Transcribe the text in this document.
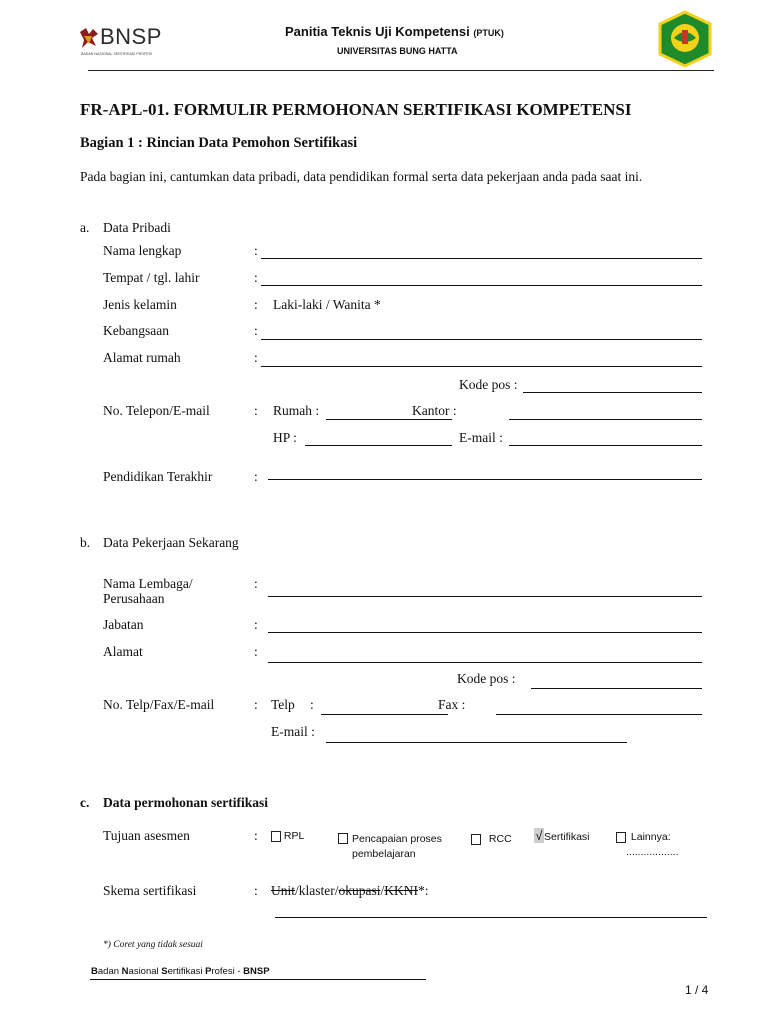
BNSP
BADAN NASIONAL SERTIFIKASI PROFESI
Panitia Teknis Uji Kompetensi (PTUK)
UNIVERSITAS BUNG HATTA
FR-APL-01. FORMULIR PERMOHONAN SERTIFIKASI KOMPETENSI
Bagian 1 : Rincian Data Pemohon Sertifikasi
Pada bagian ini, cantumkan data pribadi, data pendidikan formal serta data pekerjaan anda pada saat ini.
a. Data Pribadi
Nama lengkap	:
Tempat / tgl. lahir	:
Jenis kelamin	: Laki-laki / Wanita *
Kebangsaan	:
Alamat rumah	:
Kode pos :
No. Telepon/E-mail	: Rumah :	Kantor :
HP :	E-mail :
Pendidikan Terakhir	:
b. Data Pekerjaan Sekarang
Nama Lembaga/
Perusahaan
:
Jabatan	:
Alamat	:
Kode pos :
No. Telp/Fax/E-mail	: Telp :	Fax :
E-mail :
c. Data permohonan sertifikasi
Tujuan asesmen	:	RPL	Pencapaian proses
pembelajaran
RCC √Sertifikasi	Lainnya:
..................
Skema sertifikasi	: Unit/klaster/okupasi/KKNI*:
*) Coret yang tidak sesuai
Badan Nasional Sertifikasi Profesi - BNSP
1 / 4
